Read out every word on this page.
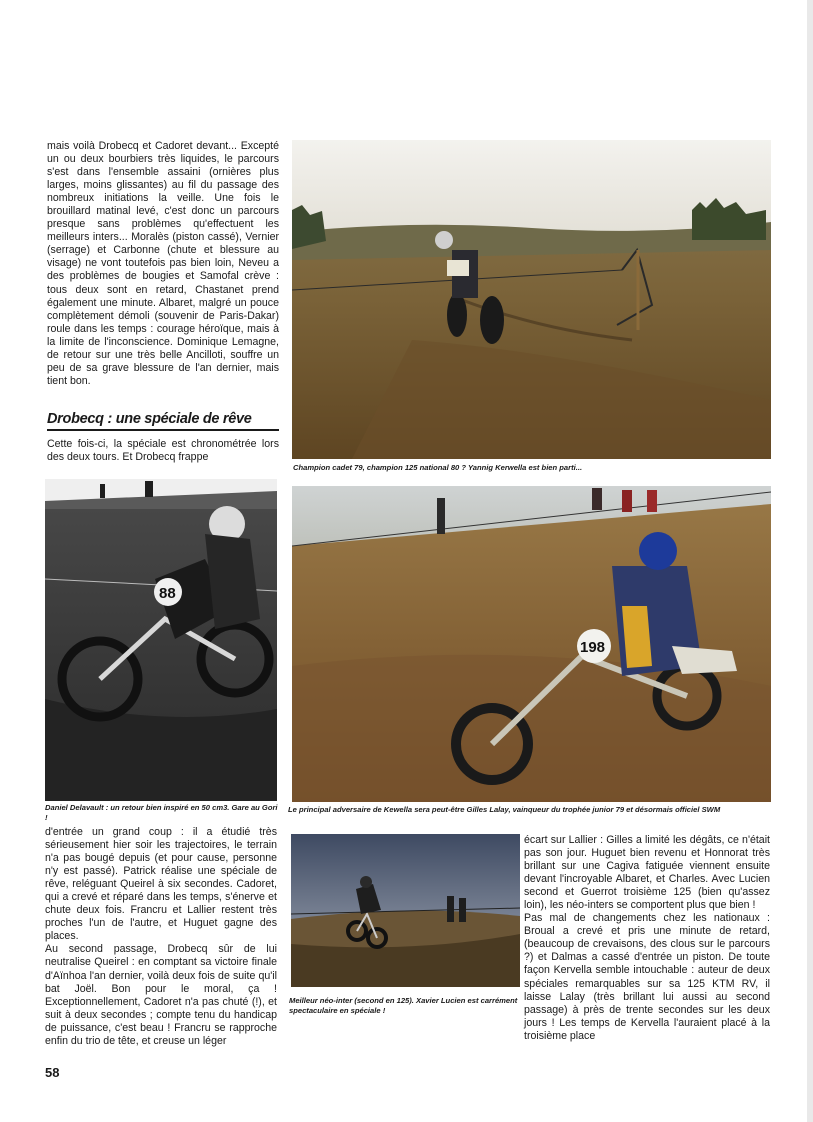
mais voilà Drobecq et Cadoret devant... Excepté un ou deux bourbiers très liquides, le parcours s'est dans l'ensemble assaini (ornières plus larges, moins glissantes) au fil du passage des nombreux initiations la veille. Une fois le brouillard matinal levé, c'est donc un parcours presque sans problèmes qu'effectuent les meilleurs inters... Moralès (piston cassé), Vernier (serrage) et Carbonne (chute et blessure au visage) ne vont toutefois pas bien loin, Neveu a des problèmes de bougies et Samofal crève : tous deux sont en retard, Chastanet prend également une minute. Albaret, malgré un pouce complètement démoli (souvenir de Paris-Dakar) roule dans les temps : courage héroïque, mais à la limite de l'inconscience. Dominique Lemagne, de retour sur une très belle Ancilloti, souffre un peu de sa grave blessure de l'an dernier, mais tient bon.

Drobecq : une spéciale de rêve

Cette fois-ci, la spéciale est chronométrée lors des deux tours. Et Drobecq frappe

Champion cadet 79, champion 125 national 80 ? Yannig Kerwella est bien parti...

88

Daniel Delavault : un retour bien inspiré en 50 cm3. Gare au Gori !

198

Le principal adversaire de Kewella sera peut-être Gilles Lalay, vainqueur du trophée junior 79 et désormais officiel SWM

d'entrée un grand coup : il a étudié très sérieusement hier soir les trajectoires, le terrain n'a pas bougé depuis (et pour cause, personne n'y est passé). Patrick réalise une spéciale de rêve, reléguant Queirel à six secondes. Cadoret, qui a crevé et réparé dans les temps, s'énerve et chute deux fois. Francru et Lallier restent très proches l'un de l'autre, et Huguet gagne des places.

Au second passage, Drobecq sûr de lui neutralise Queirel : en comptant sa victoire finale d'Aïnhoa l'an dernier, voilà deux fois de suite qu'il bat Joël. Bon pour le moral, ça ! Exceptionnellement, Cadoret n'a pas chuté (!), et suit à deux secondes ; compte tenu du handicap de puissance, c'est beau ! Francru se rapproche enfin du trio de tête, et creuse un léger

Meilleur néo-inter (second en 125). Xavier Lucien est carrément spectaculaire en spéciale !

écart sur Lallier : Gilles a limité les dégâts, ce n'était pas son jour. Huguet bien revenu et Honnorat très brillant sur une Cagiva fatiguée viennent ensuite devant l'incroyable Albaret, et Charles. Avec Lucien second et Guerrot troisième 125 (bien qu'assez loin), les néo-inters se comportent plus que bien !

Pas mal de changements chez les nationaux : Broual a crevé et pris une minute de retard, (beaucoup de crevaisons, des clous sur le parcours ?) et Dalmas a cassé d'entrée un piston. De toute façon Kervella semble intouchable : auteur de deux spéciales remarquables sur sa 125 KTM RV, il laisse Lalay (très brillant lui aussi au second passage) à près de trente secondes sur les deux jours ! Les temps de Kervella l'auraient placé à la troisième place

58
